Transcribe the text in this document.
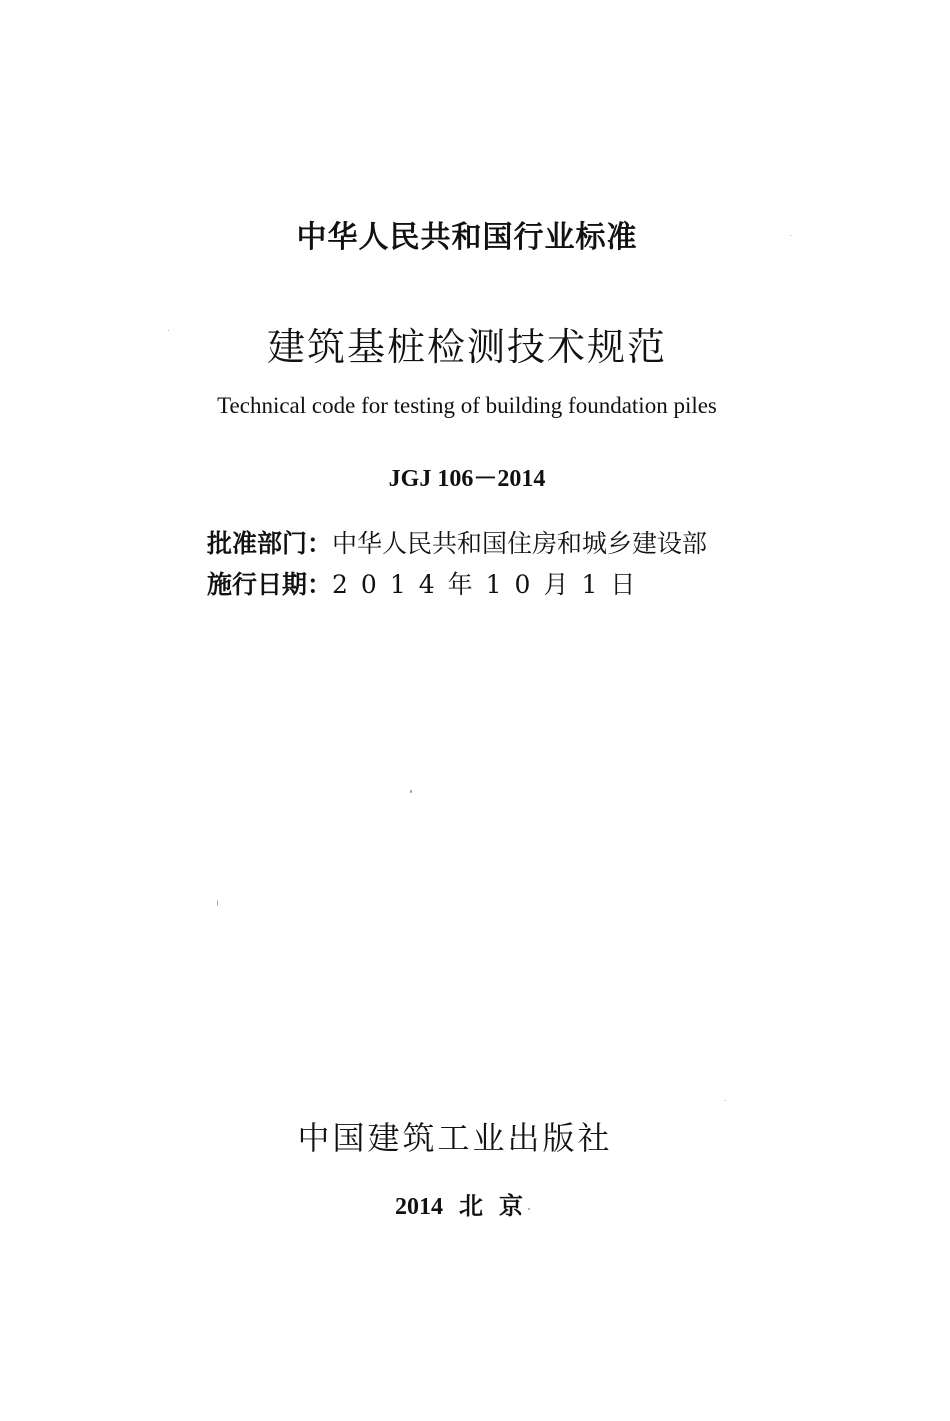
中华人民共和国行业标准
建筑基桩检测技术规范
Technical code for testing of building foundation piles
JGJ 106－2014
批准部门：中华人民共和国住房和城乡建设部
施行日期：2014年10月1日
中国建筑工业出版社
2014 北 京
